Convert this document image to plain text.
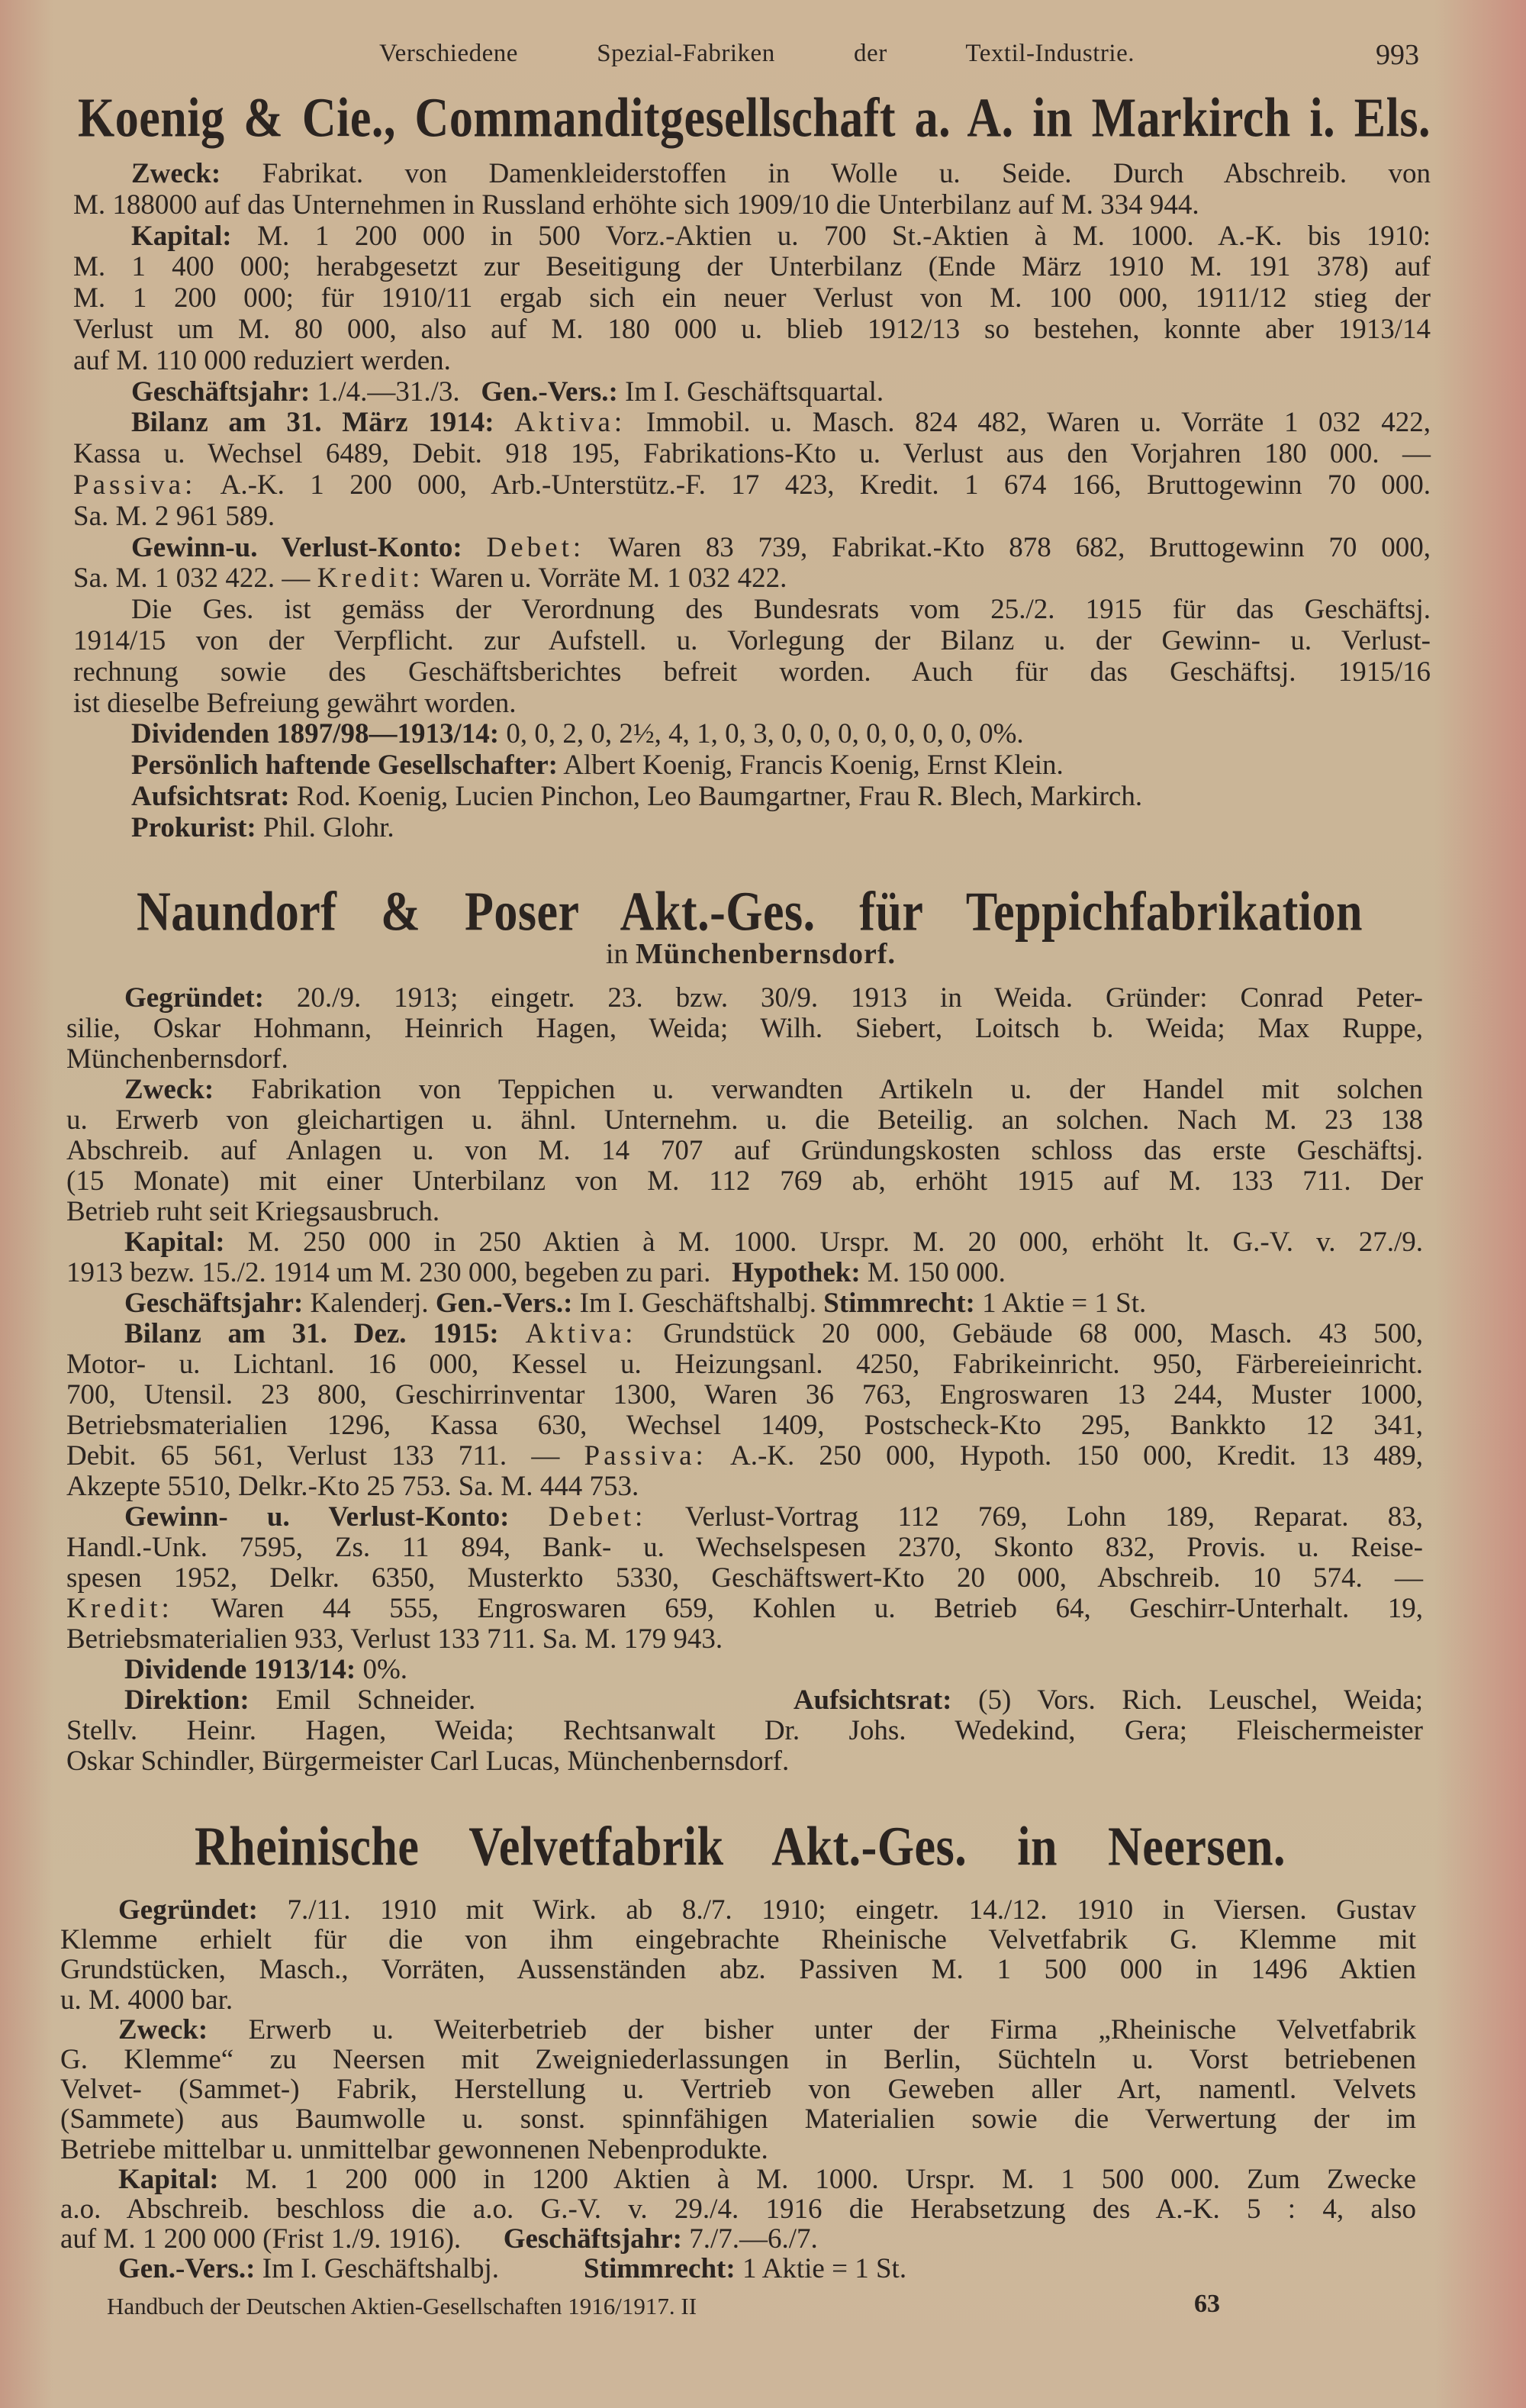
Verschiedene Spezial-Fabriken der Textil-Industrie.	993
Koenig & Cie., Commanditgesellschaft a. A. in Markirch i. Els.
Zweck: Fabrikat. von Damenkleiderstoffen in Wolle u. Seide. Durch Abschreib. von
M. 188000 auf das Unternehmen in Russland erhöhte sich 1909/10 die Unterbilanz auf M. 334 944.
Kapital: M. 1 200 000 in 500 Vorz.-Aktien u. 700 St.-Aktien à M. 1000. A.-K. bis 1910:
M. 1 400 000; herabgesetzt zur Beseitigung der Unterbilanz (Ende März 1910 M. 191 378) auf
M. 1 200 000; für 1910/11 ergab sich ein neuer Verlust von M. 100 000, 1911/12 stieg der
Verlust um M. 80 000, also auf M. 180 000 u. blieb 1912/13 so bestehen, konnte aber 1913/14
auf M. 110 000 reduziert werden.
Geschäftsjahr: 1./4.—31./3.   Gen.-Vers.: Im I. Geschäftsquartal.
Bilanz am 31. März 1914: Aktiva: Immobil. u. Masch. 824 482, Waren u. Vorräte 1 032 422,
Kassa u. Wechsel 6489, Debit. 918 195, Fabrikations-Kto u. Verlust aus den Vorjahren 180 000. —
Passiva: A.-K. 1 200 000, Arb.-Unterstütz.-F. 17 423, Kredit. 1 674 166, Bruttogewinn 70 000.
Sa. M. 2 961 589.
Gewinn-u. Verlust-Konto: Debet: Waren 83 739, Fabrikat.-Kto 878 682, Bruttogewinn 70 000,
Sa. M. 1 032 422. — Kredit: Waren u. Vorräte M. 1 032 422.
Die Ges. ist gemäss der Verordnung des Bundesrats vom 25./2. 1915 für das Geschäftsj.
1914/15 von der Verpflicht. zur Aufstell. u. Vorlegung der Bilanz u. der Gewinn- u. Verlust-
rechnung sowie des Geschäftsberichtes befreit worden. Auch für das Geschäftsj. 1915/16
ist dieselbe Befreiung gewährt worden.
Dividenden 1897/98—1913/14: 0, 0, 2, 0, 2½, 4, 1, 0, 3, 0, 0, 0, 0, 0, 0, 0, 0%.
Persönlich haftende Gesellschafter: Albert Koenig, Francis Koenig, Ernst Klein.
Aufsichtsrat: Rod. Koenig, Lucien Pinchon, Leo Baumgartner, Frau R. Blech, Markirch.
Prokurist: Phil. Glohr.
Naundorf & Poser Akt.-Ges. für Teppichfabrikation
in Münchenbernsdorf.
Gegründet: 20./9. 1913; eingetr. 23. bzw. 30/9. 1913 in Weida. Gründer: Conrad Peter-
silie, Oskar Hohmann, Heinrich Hagen, Weida; Wilh. Siebert, Loitsch b. Weida; Max Ruppe,
Münchenbernsdorf.
Zweck: Fabrikation von Teppichen u. verwandten Artikeln u. der Handel mit solchen
u. Erwerb von gleichartigen u. ähnl. Unternehm. u. die Beteilig. an solchen. Nach M. 23 138
Abschreib. auf Anlagen u. von M. 14 707 auf Gründungskosten schloss das erste Geschäftsj.
(15 Monate) mit einer Unterbilanz von M. 112 769 ab, erhöht 1915 auf M. 133 711. Der
Betrieb ruht seit Kriegsausbruch.
Kapital: M. 250 000 in 250 Aktien à M. 1000. Urspr. M. 20 000, erhöht lt. G.-V. v. 27./9.
1913 bezw. 15./2. 1914 um M. 230 000, begeben zu pari.   Hypothek: M. 150 000.
Geschäftsjahr: Kalenderj. Gen.-Vers.: Im I. Geschäftshalbj. Stimmrecht: 1 Aktie = 1 St.
Bilanz am 31. Dez. 1915: Aktiva: Grundstück 20 000, Gebäude 68 000, Masch. 43 500,
Motor- u. Lichtanl. 16 000, Kessel u. Heizungsanl. 4250, Fabrikeinricht. 950, Färbereieinricht.
700, Utensil. 23 800, Geschirrinventar 1300, Waren 36 763, Engroswaren 13 244, Muster 1000,
Betriebsmaterialien 1296, Kassa 630, Wechsel 1409, Postscheck-Kto 295, Bankkto 12 341,
Debit. 65 561, Verlust 133 711. — Passiva: A.-K. 250 000, Hypoth. 150 000, Kredit. 13 489,
Akzepte 5510, Delkr.-Kto 25 753. Sa. M. 444 753.
Gewinn- u. Verlust-Konto: Debet: Verlust-Vortrag 112 769, Lohn 189, Reparat. 83,
Handl.-Unk. 7595, Zs. 11 894, Bank- u. Wechselspesen 2370, Skonto 832, Provis. u. Reise-
spesen 1952, Delkr. 6350, Musterkto 5330, Geschäftswert-Kto 20 000, Abschreib. 10 574. —
Kredit: Waren 44 555, Engroswaren 659, Kohlen u. Betrieb 64, Geschirr-Unterhalt. 19,
Betriebsmaterialien 933, Verlust 133 711. Sa. M. 179 943.
Dividende 1913/14: 0%.
Direktion: Emil Schneider.            Aufsichtsrat: (5) Vors. Rich. Leuschel, Weida;
Stellv. Heinr. Hagen, Weida; Rechtsanwalt Dr. Johs. Wedekind, Gera; Fleischermeister
Oskar Schindler, Bürgermeister Carl Lucas, Münchenbernsdorf.
Rheinische Velvetfabrik Akt.-Ges. in Neersen.
Gegründet: 7./11. 1910 mit Wirk. ab 8./7. 1910; eingetr. 14./12. 1910 in Viersen. Gustav
Klemme erhielt für die von ihm eingebrachte Rheinische Velvetfabrik G. Klemme mit
Grundstücken, Masch., Vorräten, Aussenständen abz. Passiven M. 1 500 000 in 1496 Aktien
u. M. 4000 bar.
Zweck: Erwerb u. Weiterbetrieb der bisher unter der Firma „Rheinische Velvetfabrik
G. Klemme“ zu Neersen mit Zweigniederlassungen in Berlin, Süchteln u. Vorst betriebenen
Velvet- (Sammet-) Fabrik, Herstellung u. Vertrieb von Geweben aller Art, namentl. Velvets
(Sammete) aus Baumwolle u. sonst. spinnfähigen Materialien sowie die Verwertung der im
Betriebe mittelbar u. unmittelbar gewonnenen Nebenprodukte.
Kapital: M. 1 200 000 in 1200 Aktien à M. 1000. Urspr. M. 1 500 000. Zum Zwecke
a.o. Abschreib. beschloss die a.o. G.-V. v. 29./4. 1916 die Herabsetzung des A.-K. 5 : 4, also
auf M. 1 200 000 (Frist 1./9. 1916).      Geschäftsjahr: 7./7.—6./7.
Gen.-Vers.: Im I. Geschäftshalbj.            Stimmrecht: 1 Aktie = 1 St.
Handbuch der Deutschen Aktien-Gesellschaften 1916/1917. II	63
